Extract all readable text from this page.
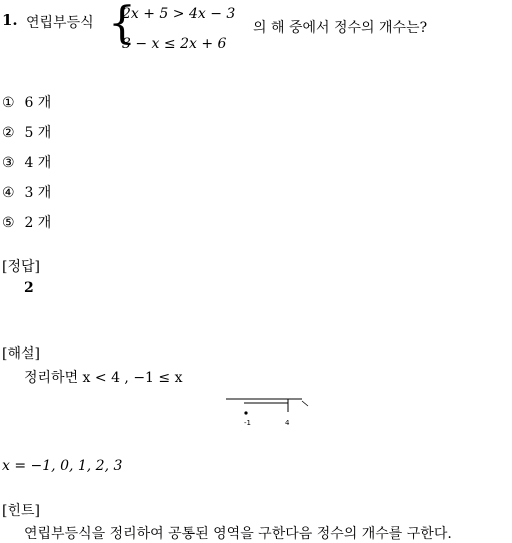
1. 연립부등식 {
2x + 5 > 4x − 3
3 − x ≤ 2x + 6
의 해 중에서 정수의 개수는?
① 6 개
② 5 개
③ 4 개
④ 3 개
⑤ 2 개
[정답]
2
[해설]
정리하면 x < 4 , −1 ≤ x
-1	4
x = −1, 0, 1, 2, 3
[힌트]
연립부등식을 정리하여 공통된 영역을 구한다음 정수의 개수를 구한다.
